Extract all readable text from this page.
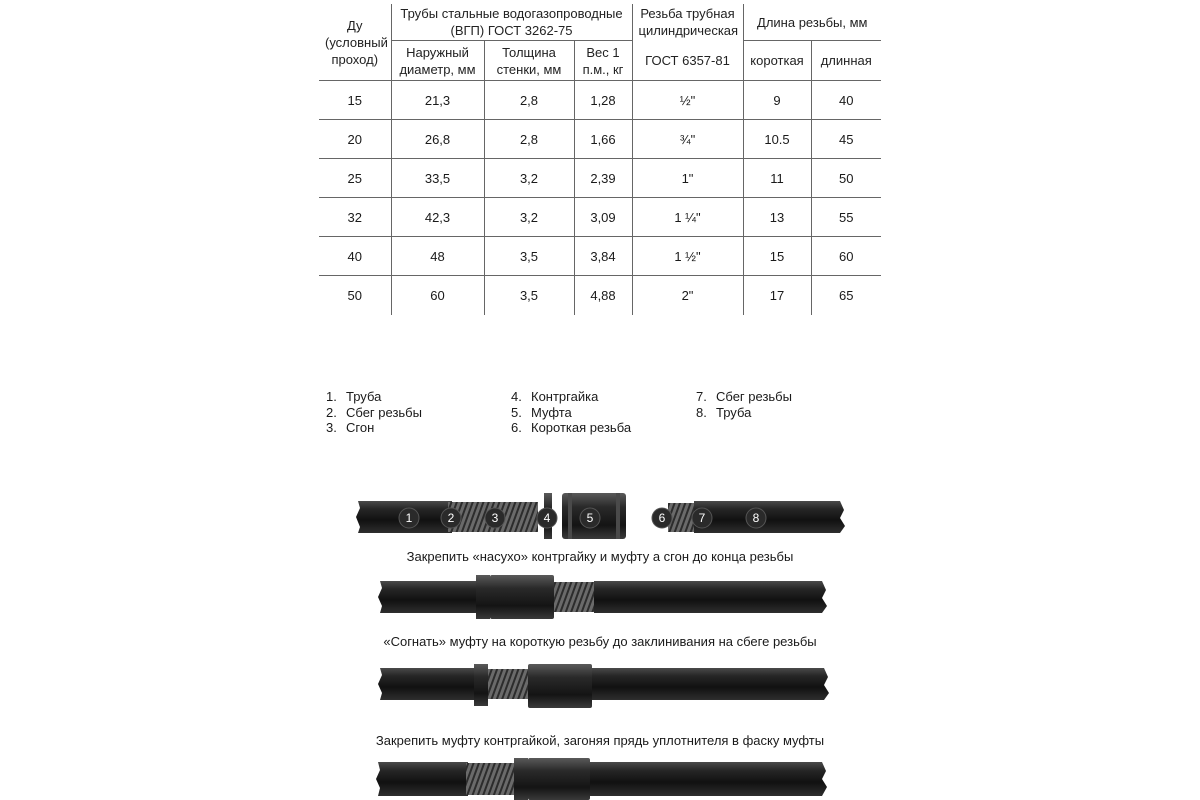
Ду (условный проход)	Трубы стальные водогазопроводные (ВГП) ГОСТ 3262-75			Резьба трубная цилиндрическая	Длина резьбы, мм	
	Наружный диаметр, мм	Толщина стенки, мм	Вес 1 п.м., кг	ГОСТ 6357-81	короткая	длинная
15	21,3	2,8	1,28	½"	9	40
20	26,8	2,8	1,66	¾"	10.5	45
25	33,5	3,2	2,39	1"	11	50
32	42,3	3,2	3,09	1 ¼"	13	55
40	48	3,5	3,84	1 ½"	15	60
50	60	3,5	4,88	2"	17	65
1. Труба
2. Сбег резьбы
3. Сгон
4. Контргайка
5. Муфта
6. Короткая резьба
7. Сбег резьбы
8. Труба
1	2	3	4	5	6	7	8
Закрепить «насухо» контргайку и муфту а сгон до конца резьбы
«Согнать» муфту на короткую резьбу до заклинивания на сбеге резьбы
Закрепить муфту контргайкой, загоняя прядь уплотнителя в фаску муфты
